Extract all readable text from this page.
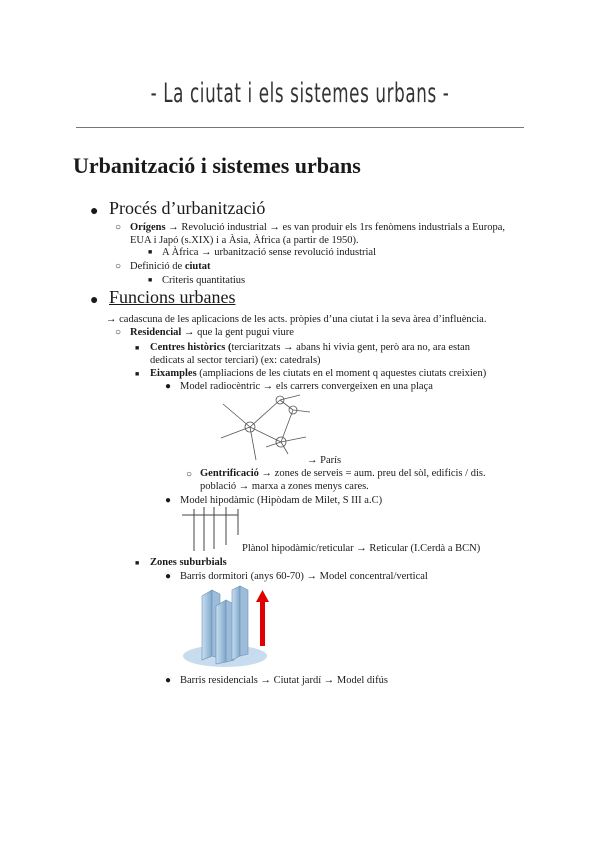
- La ciutat i els sistemes urbans -
Urbanització i sistemes urbans
● Procés d’urbanització
○ Orígens → Revolució industrial → es van produir els 1rs fenòmens industrials a Europa,
EUA i Japó (s.XIX) i a Àsia, Àfrica (a partir de 1950).
■ A Àfrica → urbanització sense revolució industrial
○ Definició de ciutat
■ Criteris quantitatius
● Funcions urbanes
→ cadascuna de les aplicacions de les acts. pròpies d’una ciutat i la seva àrea d’influència.
○ Residencial → que la gent pugui viure
■ Centres històrics (terciaritzats → abans hi vivia gent, però ara no, ara estan
dedicats al sector terciari) (ex: catedrals)
■ Eixamples (ampliacions de les ciutats en el moment q aquestes ciutats creixien)
● Model radiocèntric → els carrers convergeixen en una plaça
→ París
○ Gentrificació → zones de serveis = aum. preu del sòl, edificis / dis.
població → marxa a zones menys cares.
● Model hipodàmic (Hipòdam de Milet, S III a.C)
Plànol hipodàmic/reticular → Reticular (I.Cerdà a BCN)
■ Zones suburbials
● Barris dormitori (anys 60-70) → Model concentral/vertical
● Barris residencials → Ciutat jardí → Model difús
